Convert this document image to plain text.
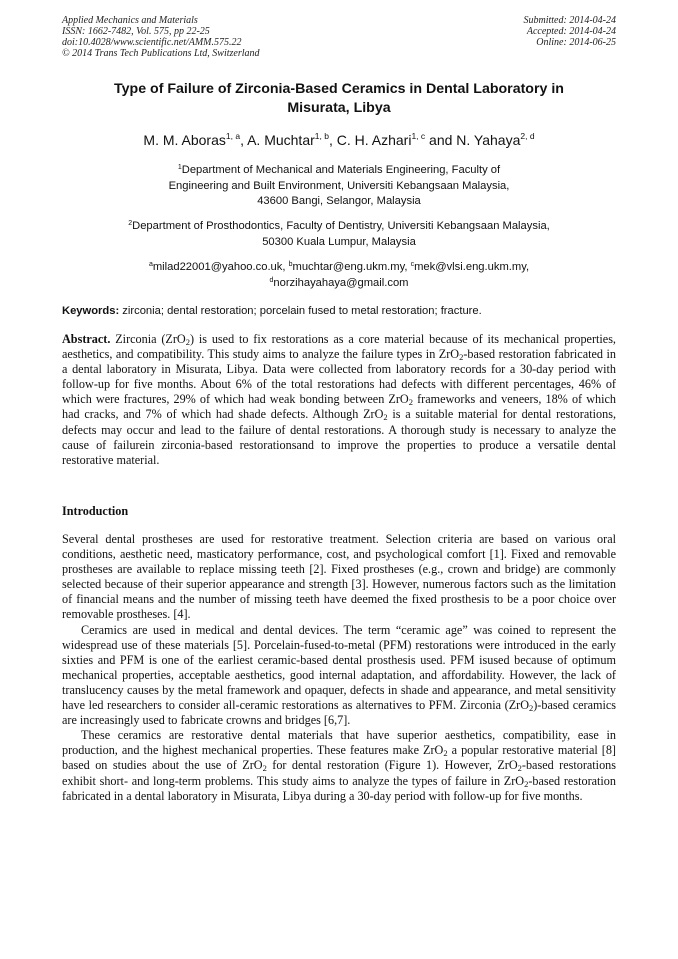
Applied Mechanics and Materials
ISSN: 1662-7482, Vol. 575, pp 22-25
doi:10.4028/www.scientific.net/AMM.575.22
© 2014 Trans Tech Publications Ltd, Switzerland
Submitted: 2014-04-24
Accepted: 2014-04-24
Online: 2014-06-25
Type of Failure of Zirconia-Based Ceramics in Dental Laboratory in
Misurata, Libya
M. M. Aboras$^{1, a}$, A. Muchtar$^{1, b}$, C. H. Azhari$^{1, c}$ and N. Yahaya$^{2, d}$
$^1$Department of Mechanical and Materials Engineering, Faculty of
Engineering and Built Environment, Universiti Kebangsaan Malaysia,
43600 Bangi, Selangor, Malaysia
$^2$Department of Prosthodontics, Faculty of Dentistry, Universiti Kebangsaan Malaysia,
50300 Kuala Lumpur, Malaysia
$^a$milad22001@yahoo.co.uk, $^b$muchtar@eng.ukm.my, $^c$mek@vlsi.eng.ukm.my,
$^d$norzihayahaya@gmail.com
Keywords: zirconia; dental restoration; porcelain fused to metal restoration; fracture.
Abstract. Zirconia (ZrO$_2$) is used to fix restorations as a core material because of its mechanical properties, aesthetics, and compatibility. This study aims to analyze the failure types in ZrO$_2$-based restoration fabricated in a dental laboratory in Misurata, Libya. Data were collected from laboratory records for a 30-day period with follow-up for five months. About 6% of the total restorations had defects with different percentages, 46% of which were fractures, 29% of which had weak bonding between ZrO$_2$ frameworks and veneers, 18% of which had cracks, and 7% of which had shade defects. Although ZrO$_2$ is a suitable material for dental restorations, defects may occur and lead to the failure of dental restorations. A thorough study is necessary to analyze the cause of failurein zirconia-based restorationsand to improve the properties to produce a versatile dental restorative material.
Introduction

Several dental prostheses are used for restorative treatment. Selection criteria are based on various oral conditions, aesthetic need, masticatory performance, cost, and psychological comfort [1]. Fixed and removable prostheses are available to replace missing teeth [2]. Fixed prostheses (e.g., crown and bridge) are commonly selected because of their superior appearance and strength [3]. However, numerous factors such as the limitation of financial means and the number of missing teeth have deemed the fixed prosthesis to be a poor choice over removable prostheses. [4].

Ceramics are used in medical and dental devices. The term “ceramic age” was coined to represent the widespread use of these materials [5]. Porcelain-fused-to-metal (PFM) restorations were introduced in the early sixties and PFM is one of the earliest ceramic-based dental prosthesis used. PFM isused because of optimum mechanical properties, acceptable aesthetics, good internal adaptation, and affordability. However, the lack of translucency causes by the metal framework and opaquer, defects in shade and appearance, and metal sensitivity have led researchers to consider all-ceramic restorations as alternatives to PFM. Zirconia (ZrO$_2$)-based ceramics are increasingly used to fabricate crowns and bridges [6,7].

These ceramics are restorative dental materials that have superior aesthetics, compatibility, ease in production, and the highest mechanical properties. These features make ZrO$_2$ a popular restorative material [8] based on studies about the use of ZrO$_2$ for dental restoration (Figure 1). However, ZrO$_2$-based restorations exhibit short- and long-term problems. This study aims to analyze the types of failure in ZrO$_2$-based restoration fabricated in a dental laboratory in Misurata, Libya during a 30-day period with follow-up for five months.
